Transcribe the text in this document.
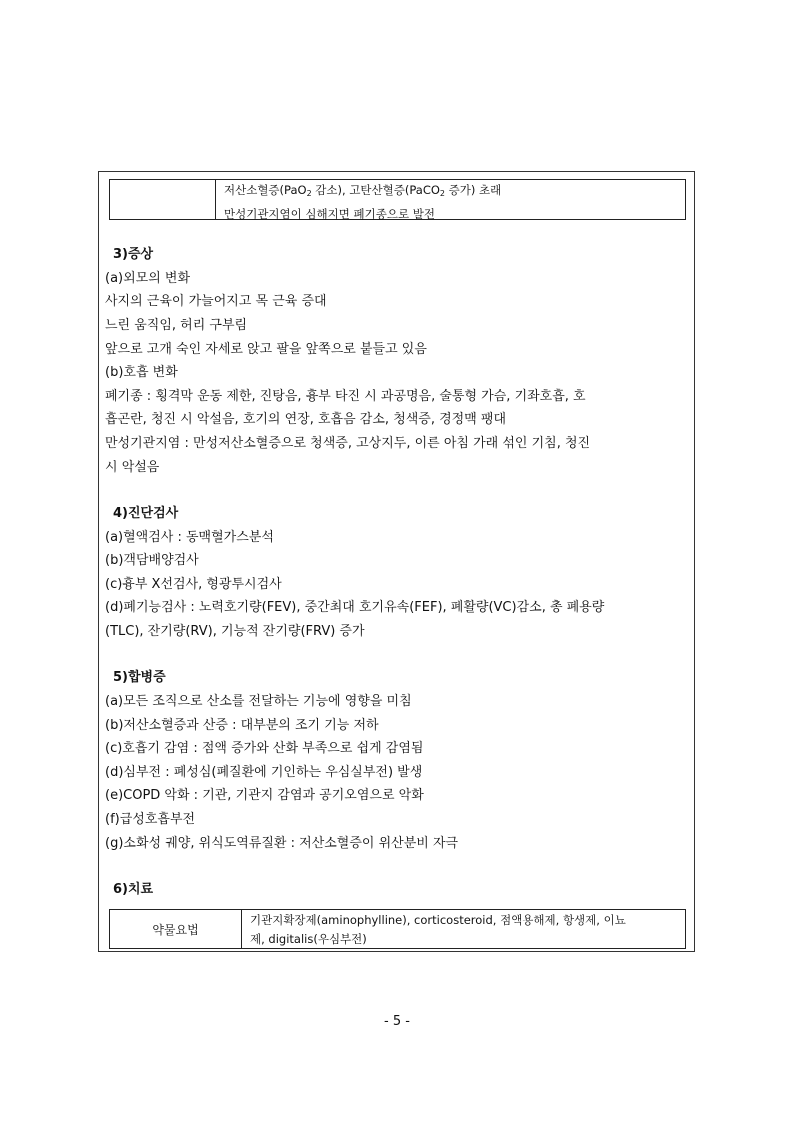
저산소혈증(PaO$_2$ 감소), 고탄산혈증(PaCO$_2$ 증가) 초래
만성기관지염이 심해지면 폐기종으로 발전
3)증상
(a)외모의 변화
사지의 근육이 가늘어지고 목 근육 증대
느린 움직임, 허리 구부림
앞으로 고개 숙인 자세로 앉고 팔을 앞쪽으로 붙들고 있음
(b)호흡 변화
폐기종 : 횡격막 운동 제한, 진탕음, 흉부 타진 시 과공명음, 술통형 가슴, 기좌호흡, 호
흡곤란, 청진 시 악설음, 호기의 연장, 호흡음 감소, 청색증, 경정맥 팽대
만성기관지염 : 만성저산소혈증으로 청색증, 고상지두, 이른 아침 가래 섞인 기침, 청진
시 악설음
4)진단검사
(a)혈액검사 : 동맥혈가스분석
(b)객담배양검사
(c)흉부 X선검사, 형광투시검사
(d)폐기능검사 : 노력호기량(FEV), 중간최대 호기유속(FEF), 폐활량(VC)감소, 총 폐용량
(TLC), 잔기량(RV), 기능적 잔기량(FRV) 증가
5)합병증
(a)모든 조직으로 산소를 전달하는 기능에 영향을 미침
(b)저산소혈증과 산증 : 대부분의 조기 기능 저하
(c)호흡기 감염 : 점액 증가와 산화 부족으로 쉽게 감염됨
(d)심부전 : 폐성심(폐질환에 기인하는 우심실부전) 발생
(e)COPD 악화 : 기관, 기관지 감염과 공기오염으로 악화
(f)급성호흡부전
(g)소화성 궤양, 위식도역류질환 : 저산소혈증이 위산분비 자극
6)치료
약물요법
기관지확장제(aminophylline), corticosteroid, 점액용해제, 항생제, 이뇨
제, digitalis(우심부전)
- 5 -
